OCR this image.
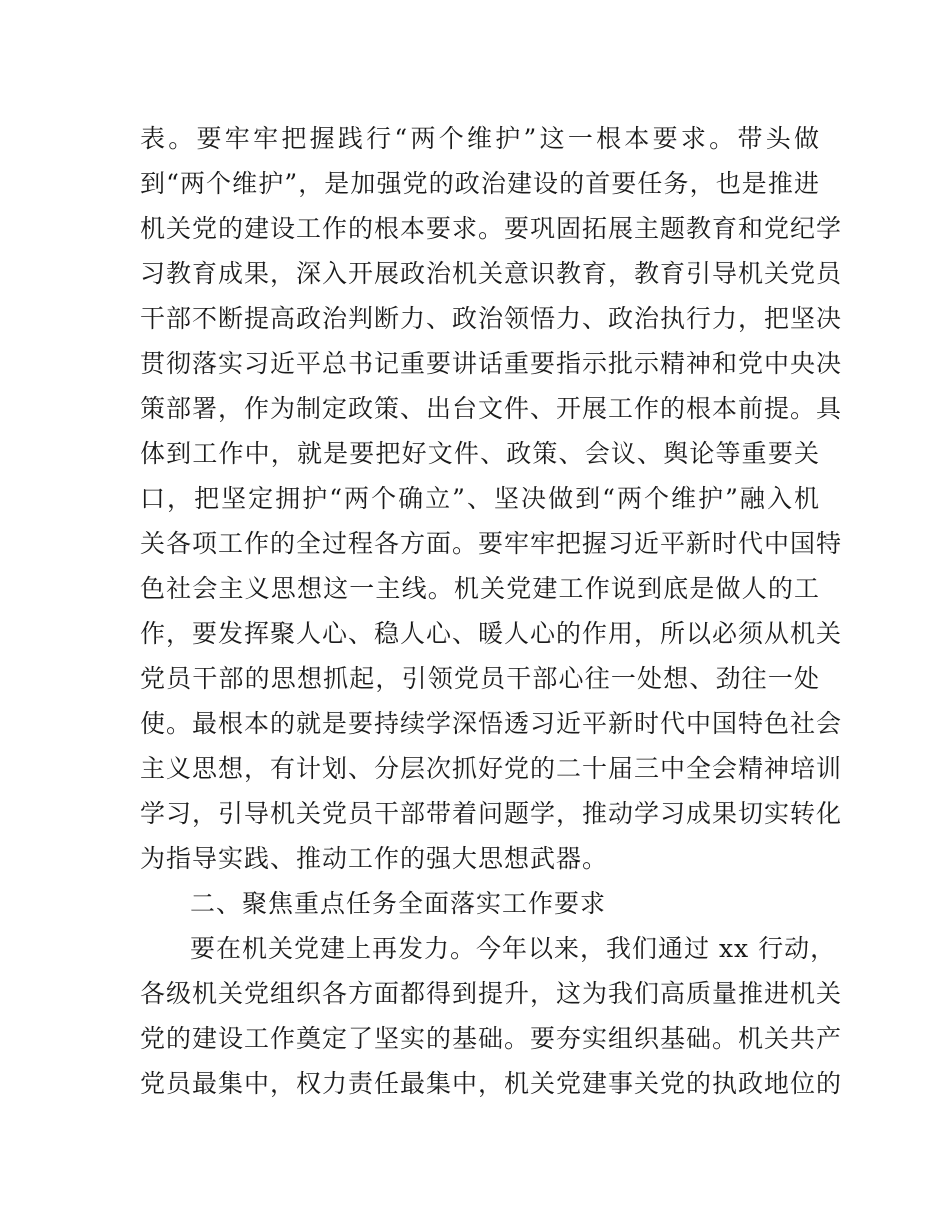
表。要牢牢把握践行“两个维护”这一根本要求。带头做
到“两个维护”，是加强党的政治建设的首要任务，也是推进
机关党的建设工作的根本要求。要巩固拓展主题教育和党纪学
习教育成果，深入开展政治机关意识教育，教育引导机关党员
干部不断提高政治判断力、政治领悟力、政治执行力，把坚决
贯彻落实习近平总书记重要讲话重要指示批示精神和党中央决
策部署，作为制定政策、出台文件、开展工作的根本前提。具
体到工作中，就是要把好文件、政策、会议、舆论等重要关
口，把坚定拥护“两个确立”、坚决做到“两个维护”融入机
关各项工作的全过程各方面。要牢牢把握习近平新时代中国特
色社会主义思想这一主线。机关党建工作说到底是做人的工
作，要发挥聚人心、稳人心、暖人心的作用，所以必须从机关
党员干部的思想抓起，引领党员干部心往一处想、劲往一处
使。最根本的就是要持续学深悟透习近平新时代中国特色社会
主义思想，有计划、分层次抓好党的二十届三中全会精神培训
学习，引导机关党员干部带着问题学，推动学习成果切实转化
为指导实践、推动工作的强大思想武器。
二、聚焦重点任务全面落实工作要求
要在机关党建上再发力。今年以来，我们通过 xx 行动，
各级机关党组织各方面都得到提升，这为我们高质量推进机关
党的建设工作奠定了坚实的基础。要夯实组织基础。机关共产
党员最集中，权力责任最集中，机关党建事关党的执政地位的
